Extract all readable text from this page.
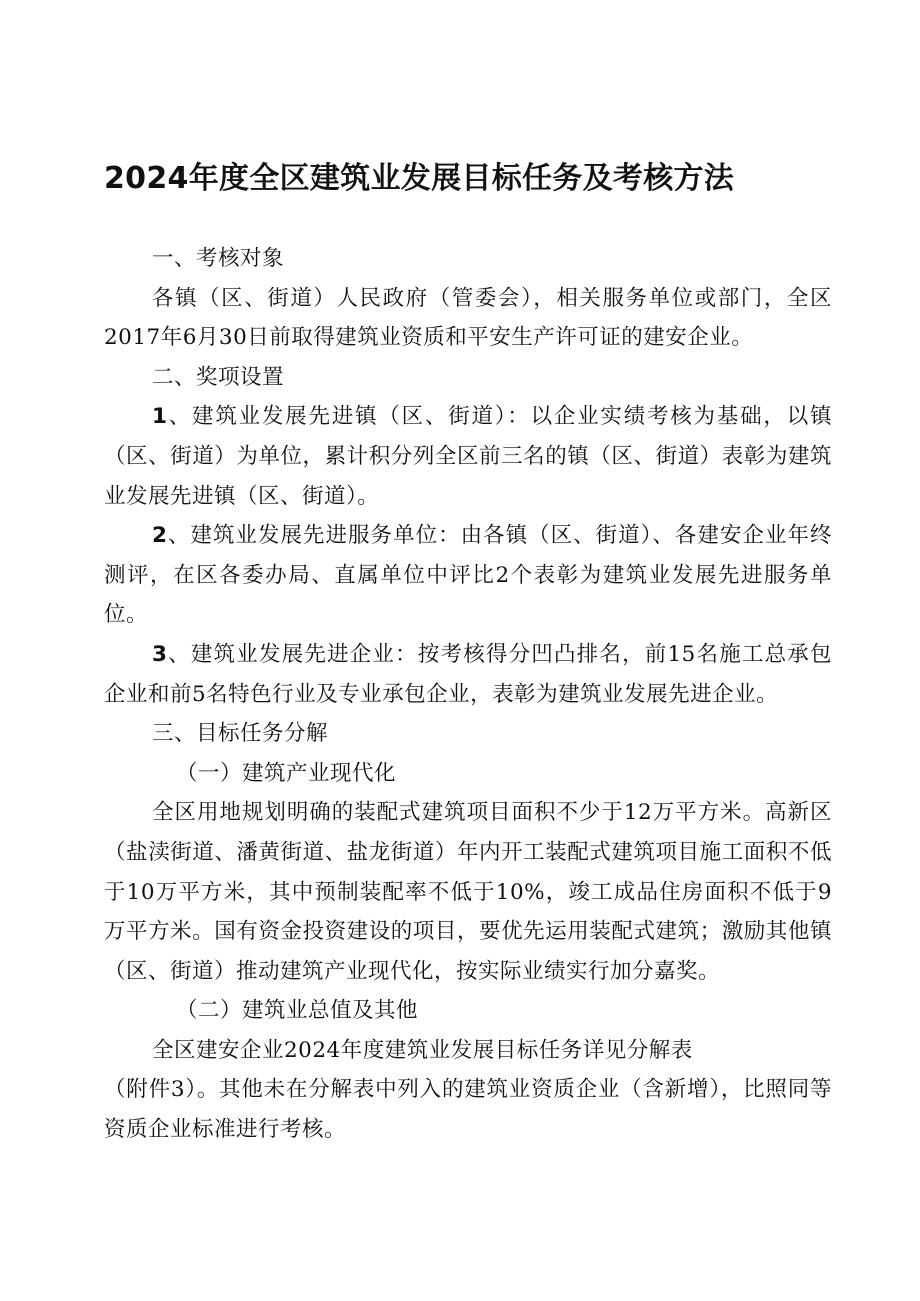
2024年度全区建筑业发展目标任务及考核方法

一、考核对象

各镇（区、街道）人民政府（管委会），相关服务单位或部门，全区2017年6月30日前取得建筑业资质和平安生产许可证的建安企业。

二、奖项设置

1、建筑业发展先进镇（区、街道）：以企业实绩考核为基础，以镇（区、街道）为单位，累计积分列全区前三名的镇（区、街道）表彰为建筑业发展先进镇（区、街道）。

2、建筑业发展先进服务单位：由各镇（区、街道）、各建安企业年终测评，在区各委办局、直属单位中评比2个表彰为建筑业发展先进服务单位。

3、建筑业发展先进企业：按考核得分凹凸排名，前15名施工总承包企业和前5名特色行业及专业承包企业，表彰为建筑业发展先进企业。

三、目标任务分解

（一）建筑产业现代化

全区用地规划明确的装配式建筑项目面积不少于12万平方米。高新区（盐渎街道、潘黄街道、盐龙街道）年内开工装配式建筑项目施工面积不低于10万平方米，其中预制装配率不低于10%，竣工成品住房面积不低于9万平方米。国有资金投资建设的项目，要优先运用装配式建筑；激励其他镇（区、街道）推动建筑产业现代化，按实际业绩实行加分嘉奖。

（二）建筑业总值及其他

全区建安企业2024年度建筑业发展目标任务详见分解表

（附件3）。其他未在分解表中列入的建筑业资质企业（含新增），比照同等资质企业标准进行考核。
